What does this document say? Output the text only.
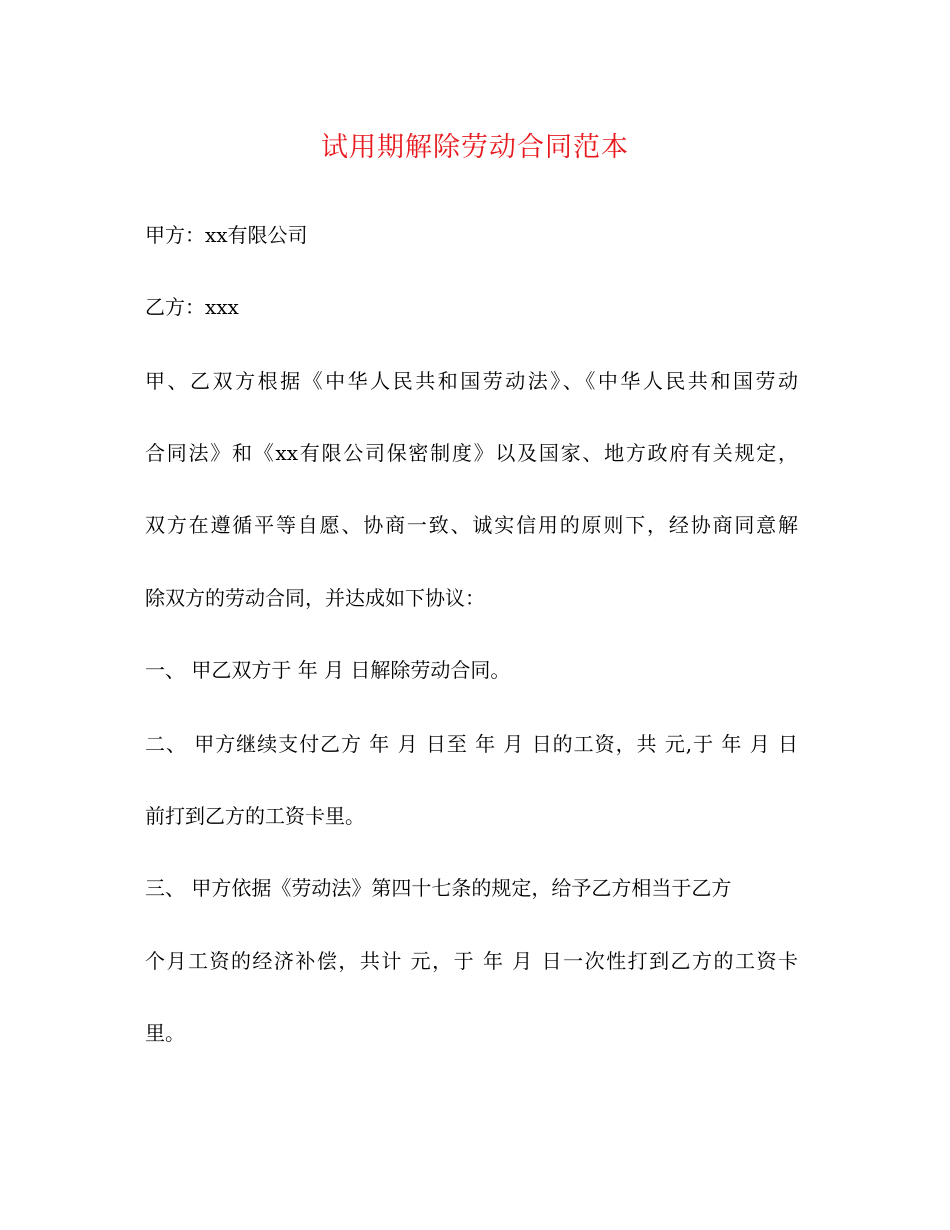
试用期解除劳动合同范本

甲方：xx有限公司

乙方：xxx

甲、乙双方根据《中华人民共和国劳动法》、《中华人民共和国劳动

合同法》和《xx有限公司保密制度》以及国家、地方政府有关规定，

双方在遵循平等自愿、协商一致、诚实信用的原则下，经协商同意解

除双方的劳动合同，并达成如下协议：

一、 甲乙双方于 年 月 日解除劳动合同。

二、 甲方继续支付乙方 年 月 日至 年 月 日的工资，共 元,于 年 月 日

前打到乙方的工资卡里。

三、 甲方依据《劳动法》第四十七条的规定，给予乙方相当于乙方

个月工资的经济补偿，共计 元，于 年 月 日一次性打到乙方的工资卡

里。
